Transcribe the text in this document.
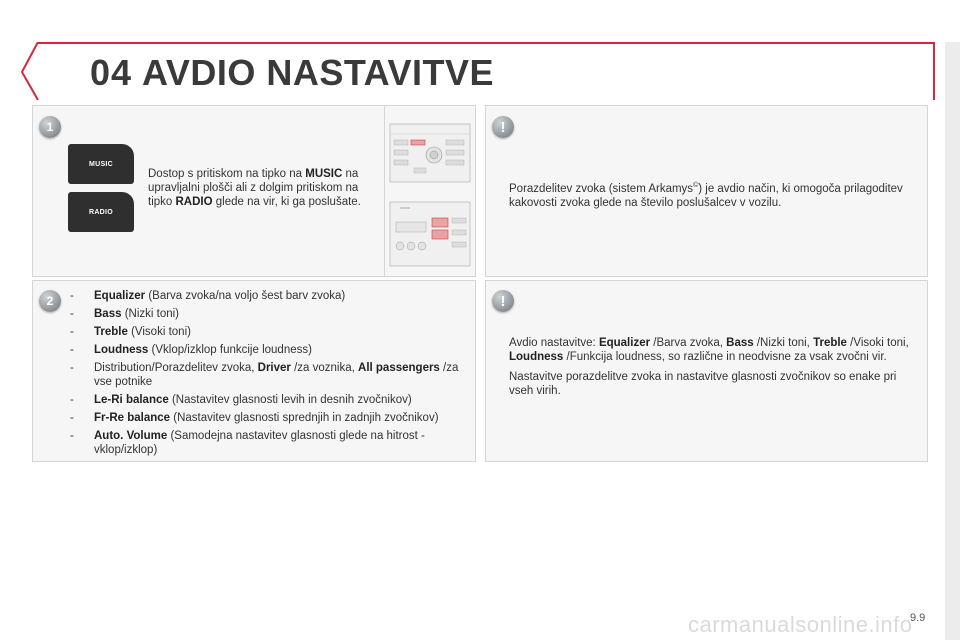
04 AVDIO NASTAVITVE
1
MUSIC
RADIO
Dostop s pritiskom na tipko na MUSIC na upravljalni plošči ali z dolgim pritiskom na tipko RADIO glede na vir, ki ga poslušate.
2	-	Equalizer (Barva zvoka/na voljo šest barv zvoka)
-	Bass (Nizki toni)
-	Treble (Visoki toni)
-	Loudness (Vklop/izklop funkcije loudness)
-	Distribution/Porazdelitev zvoka, Driver /za voznika, All passengers /za vse potnike
-	Le-Ri balance (Nastavitev glasnosti levih in desnih zvočnikov)
-	Fr-Re balance (Nastavitev glasnosti sprednjih in zadnjih zvočnikov)
-	Auto. Volume (Samodejna nastavitev glasnosti glede na hitrost - vklop/izklop)
!
Porazdelitev zvoka (sistem Arkamys©) je avdio način, ki omogoča prilagoditev kakovosti zvoka glede na število poslušalcev v vozilu.
!

Avdio nastavitve: Equalizer /Barva zvoka, Bass /Nizki toni, Treble /Visoki toni, Loudness /Funkcija loudness, so različne in neodvisne za vsak zvočni vir.

Nastavitve porazdelitve zvoka in nastavitve glasnosti zvočnikov so enake pri vseh virih.

carmanualsonline.info
9.9
